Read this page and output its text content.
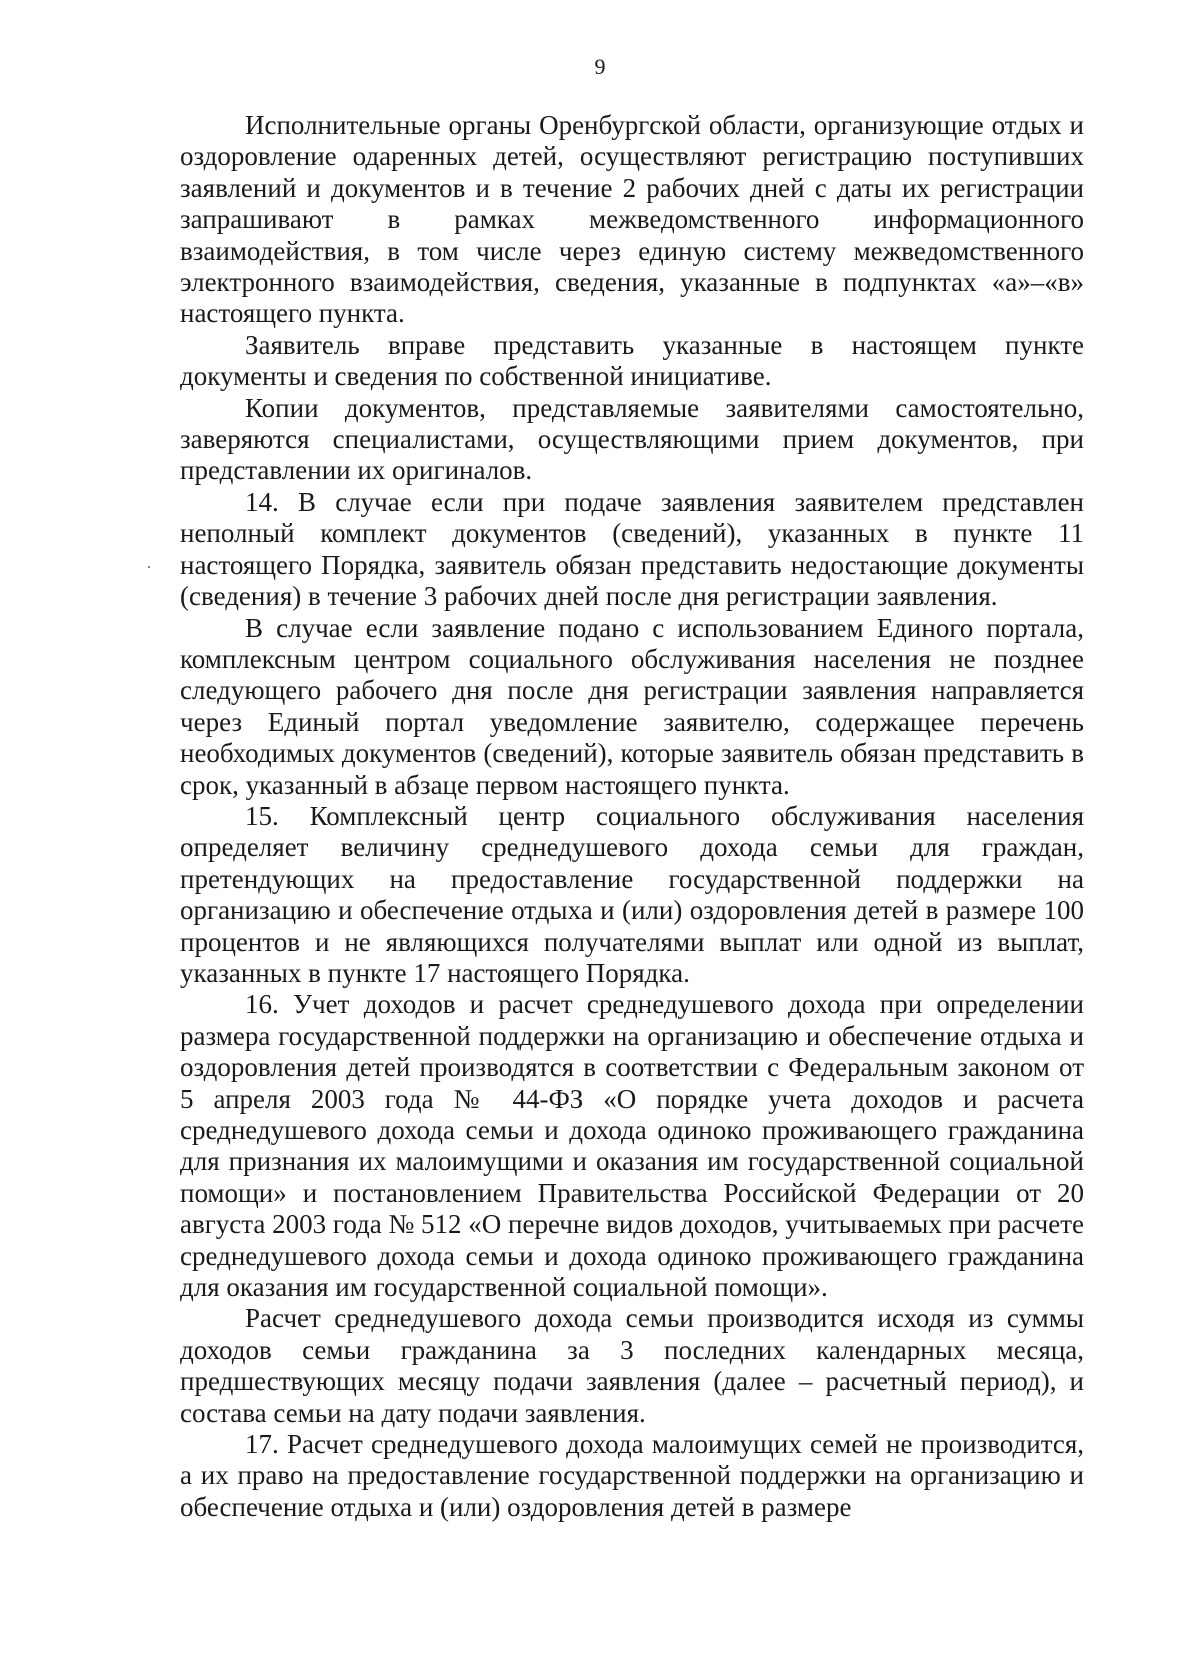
9

Исполнительные органы Оренбургской области, организующие отдых и оздоровление одаренных детей, осуществляют регистрацию поступивших заявлений и документов и в течение 2 рабочих дней с даты их регистрации запрашивают в рамках межведомственного информационного взаимодействия, в том числе через единую систему межведомственного электронного взаимодействия, сведения, указанные в подпунктах «а»–«в» настоящего пункта.

Заявитель вправе представить указанные в настоящем пункте документы и сведения по собственной инициативе.

Копии документов, представляемые заявителями самостоятельно, заверяются специалистами, осуществляющими прием документов, при представлении их оригиналов.

14. В случае если при подаче заявления заявителем представлен неполный комплект документов (сведений), указанных в пункте 11 настоящего Порядка, заявитель обязан представить недостающие документы (сведения) в течение 3 рабочих дней после дня регистрации заявления.

В случае если заявление подано с использованием Единого портала, комплексным центром социального обслуживания населения не позднее следующего рабочего дня после дня регистрации заявления направляется через Единый портал уведомление заявителю, содержащее перечень необходимых документов (сведений), которые заявитель обязан представить в срок, указанный в абзаце первом настоящего пункта.

15. Комплексный центр социального обслуживания населения определяет величину среднедушевого дохода семьи для граждан, претендующих на предоставление государственной поддержки на организацию и обеспечение отдыха и (или) оздоровления детей в размере 100 процентов и не являющихся получателями выплат или одной из выплат, указанных в пункте 17 настоящего Порядка.

16. Учет доходов и расчет среднедушевого дохода при определении размера государственной поддержки на организацию и обеспечение отдыха и оздоровления детей производятся в соответствии с Федеральным законом от 5 апреля 2003 года № 44-ФЗ «О порядке учета доходов и расчета среднедушевого дохода семьи и дохода одиноко проживающего гражданина для признания их малоимущими и оказания им государственной социальной помощи» и постановлением Правительства Российской Федерации от 20 августа 2003 года № 512 «О перечне видов доходов, учитываемых при расчете среднедушевого дохода семьи и дохода одиноко проживающего гражданина для оказания им государственной социальной помощи».

Расчет среднедушевого дохода семьи производится исходя из суммы доходов семьи гражданина за 3 последних календарных месяца, предшествующих месяцу подачи заявления (далее – расчетный период), и состава семьи на дату подачи заявления.

17. Расчет среднедушевого дохода малоимущих семей не производится, а их право на предоставление государственной поддержки на организацию и обеспечение отдыха и (или) оздоровления детей в размере
